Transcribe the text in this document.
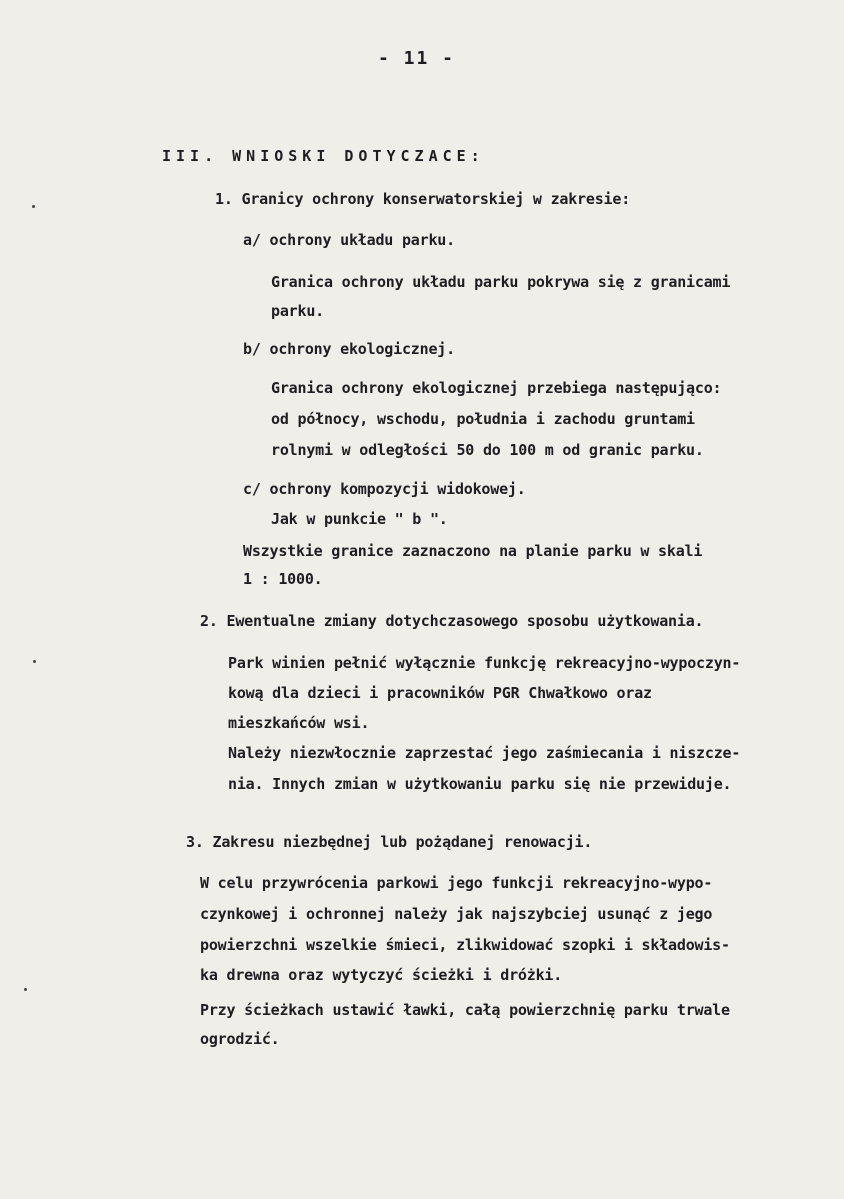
- 11 -
III. WNIOSKI DOTYCZACE:
1. Granicy ochrony konserwatorskiej w zakresie:
a/ ochrony układu parku.
Granica ochrony układu parku pokrywa się z granicami
parku.
b/ ochrony ekologicznej.
Granica ochrony ekologicznej przebiega następująco:
od północy, wschodu, południa i zachodu gruntami
rolnymi w odległości 50 do 100 m od granic parku.
c/ ochrony kompozycji widokowej.
Jak w punkcie " b ".
Wszystkie granice zaznaczono na planie parku w skali
1 : 1000.
2. Ewentualne zmiany dotychczasowego sposobu użytkowania.
Park winien pełnić wyłącznie funkcję rekreacyjno-wypoczyn-
kową dla dzieci i pracowników PGR Chwałkowo oraz
mieszkańców wsi.
Należy niezwłocznie zaprzestać jego zaśmiecania i niszcze-
nia. Innych zmian w użytkowaniu parku się nie przewiduje.
3. Zakresu niezbędnej lub pożądanej renowacji.
W celu przywrócenia parkowi jego funkcji rekreacyjno-wypo-
czynkowej i ochronnej należy jak najszybciej usunąć z jego
powierzchni wszelkie śmieci, zlikwidować szopki i składowis-
ka drewna oraz wytyczyć ścieżki i dróżki.
Przy ścieżkach ustawić ławki, całą powierzchnię parku trwale
ogrodzić.
